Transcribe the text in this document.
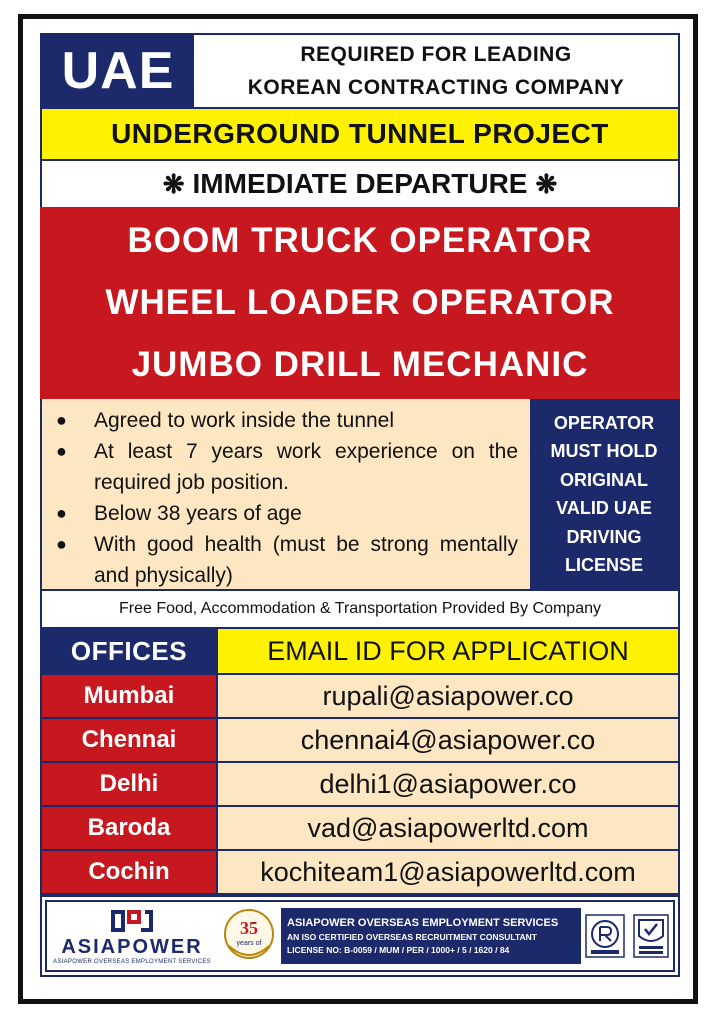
UAE	REQUIRED FOR LEADING
KOREAN CONTRACTING COMPANY
UNDERGROUND TUNNEL PROJECT
❋ IMMEDIATE DEPARTURE ❋
BOOM TRUCK OPERATOR
WHEEL LOADER OPERATOR
JUMBO DRILL MECHANIC
●	Agreed to work inside the tunnel
●	At least 7 years work experience on the required job position.
●	Below 38 years of age
●	With good health (must be strong mentally and physically)
OPERATOR
MUST HOLD
ORIGINAL
VALID UAE
DRIVING
LICENSE
Free Food, Accommodation & Transportation Provided By Company
OFFICES	EMAIL ID FOR APPLICATION
Mumbai	rupali@asiapower.co
Chennai	chennai4@asiapower.co
Delhi	delhi1@asiapower.co
Baroda	vad@asiapowerltd.com
Cochin	kochiteam1@asiapowerltd.com
ASIAPOWER
ASIAPOWER OVERSEAS EMPLOYMENT SERVICES
35
years of
ASIAPOWER OVERSEAS EMPLOYMENT SERVICES
AN ISO CERTIFIED OVERSEAS RECRUITMENT CONSULTANT
LICENSE NO: B-0059 / MUM / PER / 1000+ / 5 / 1620 / 84
